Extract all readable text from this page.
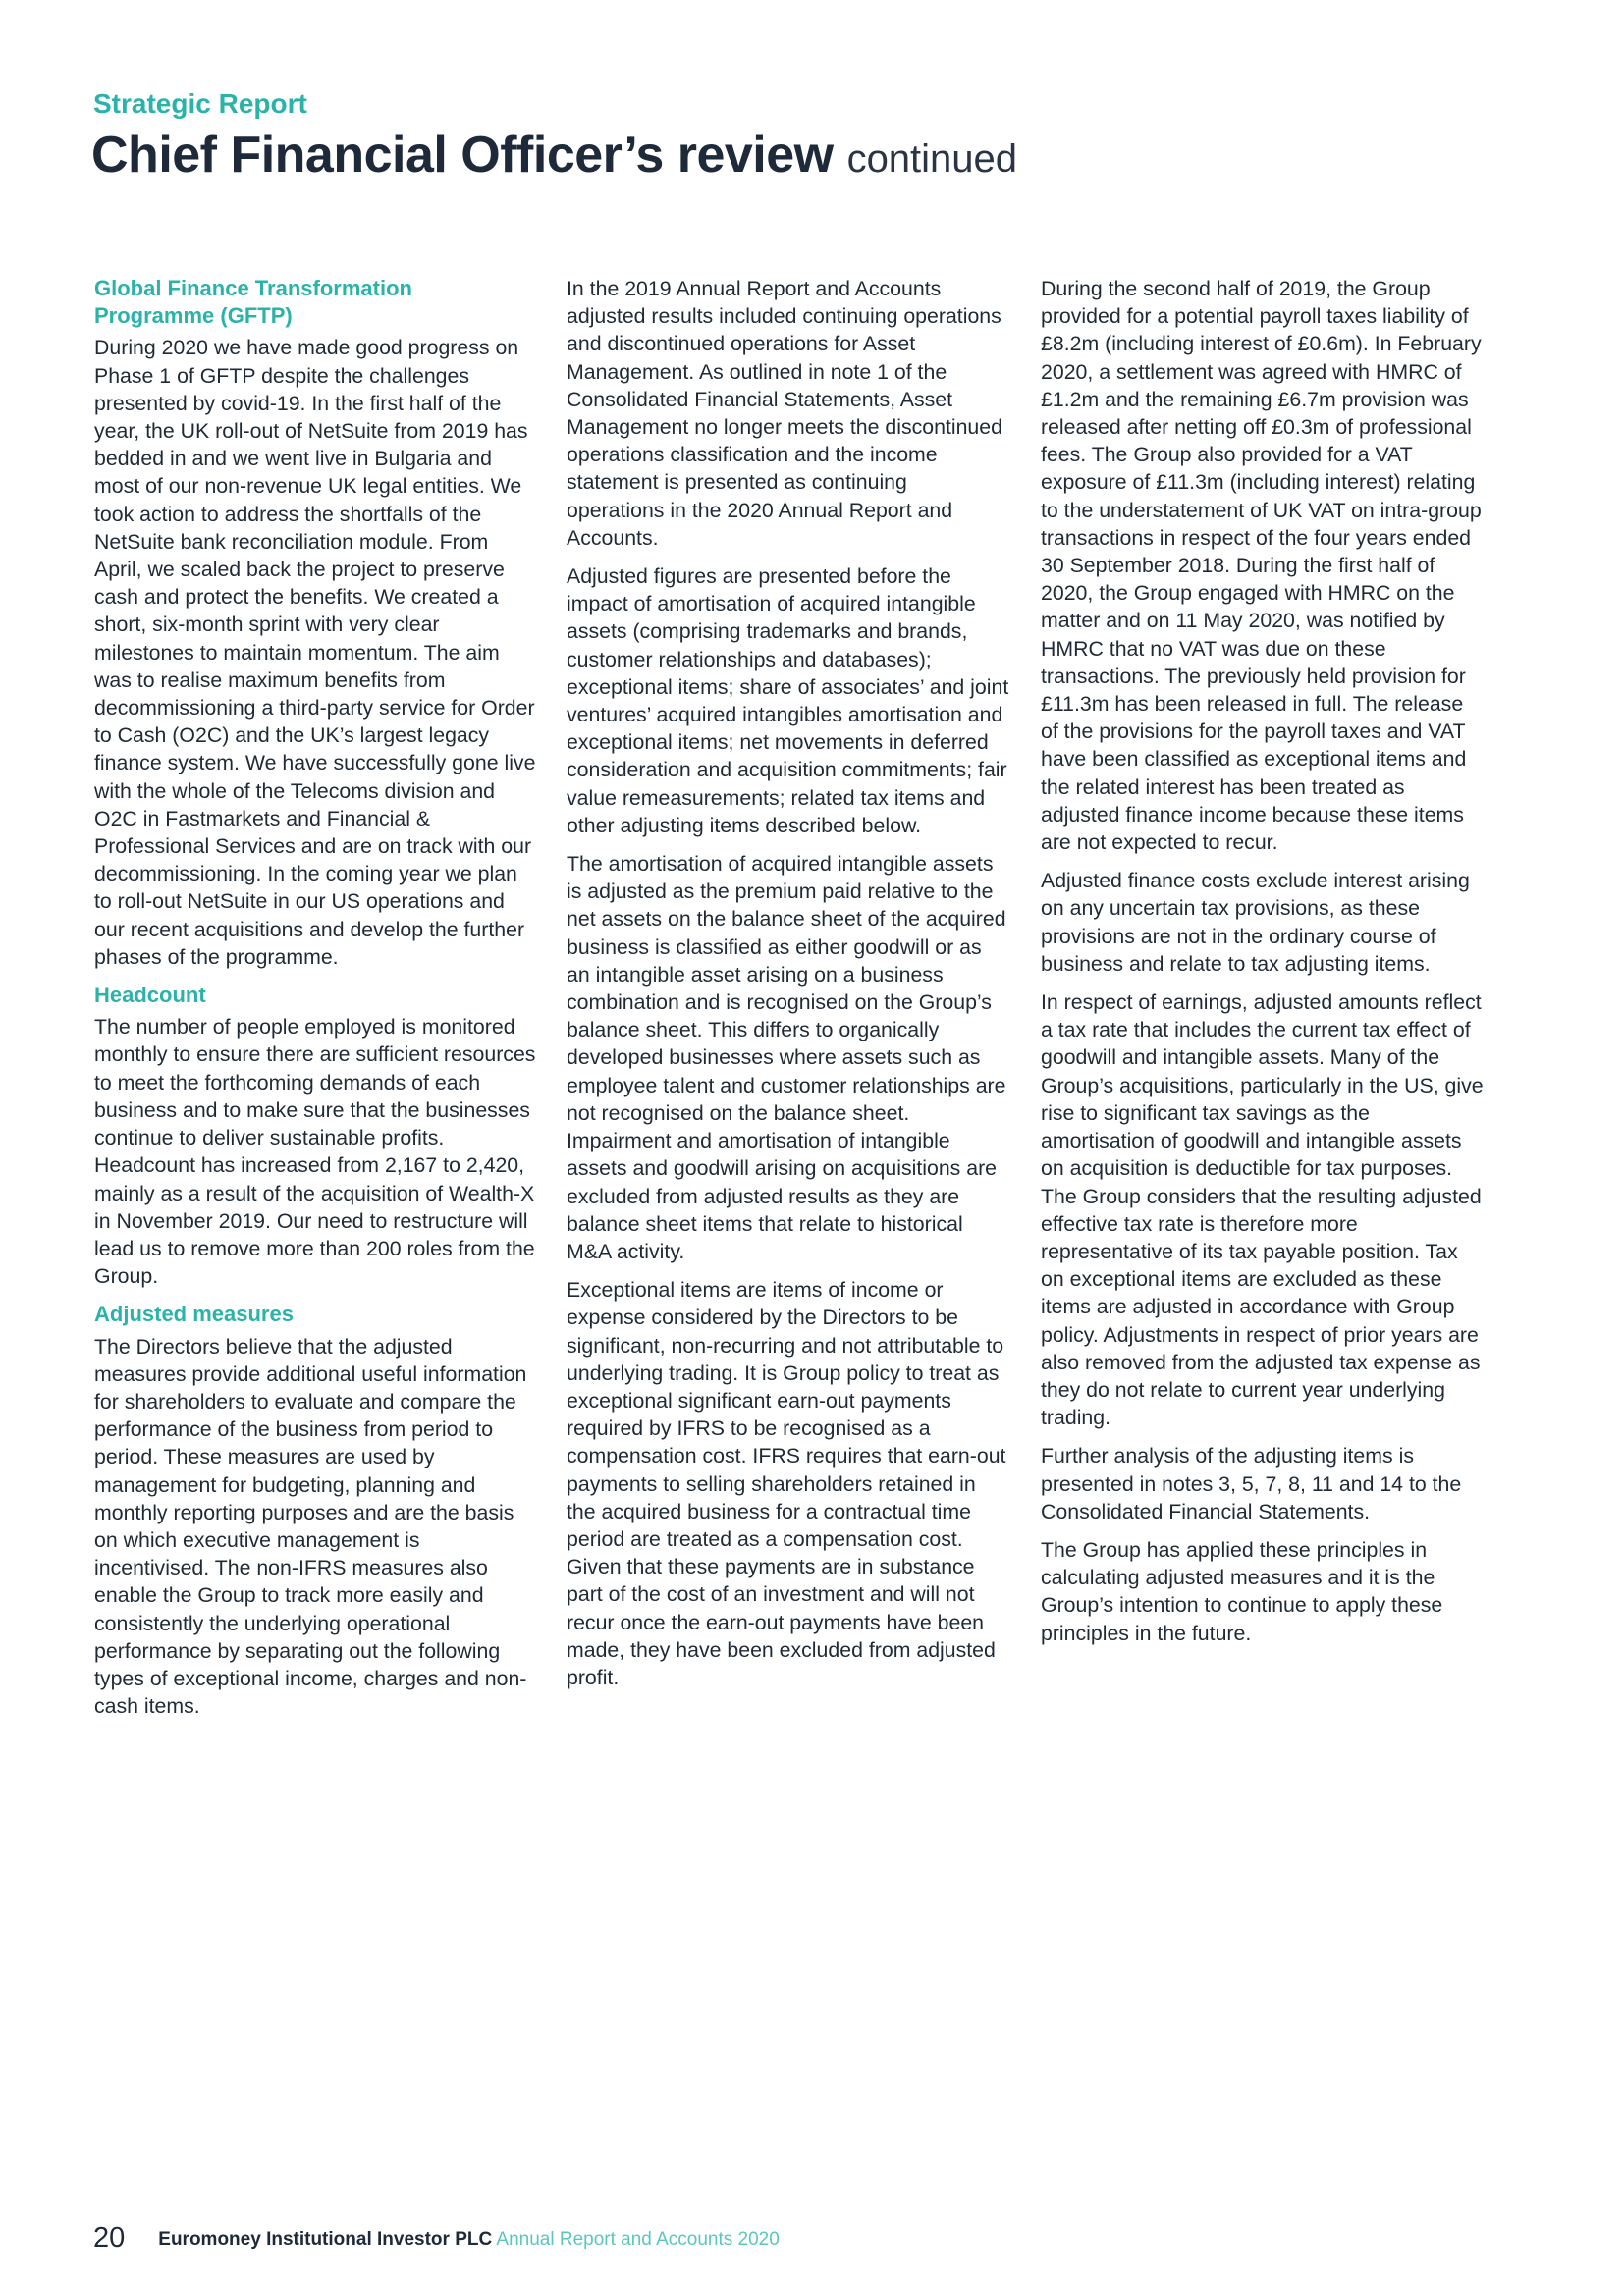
Strategic Report
Chief Financial Officer’s review continued
Global Finance Transformation Programme (GFTP)

During 2020 we have made good progress on Phase 1 of GFTP despite the challenges presented by covid-19. In the first half of the year, the UK roll-out of NetSuite from 2019 has bedded in and we went live in Bulgaria and most of our non-revenue UK legal entities. We took action to address the shortfalls of the NetSuite bank reconciliation module. From April, we scaled back the project to preserve cash and protect the benefits. We created a short, six-month sprint with very clear milestones to maintain momentum. The aim was to realise maximum benefits from decommissioning a third-party service for Order to Cash (O2C) and the UK’s largest legacy finance system. We have successfully gone live with the whole of the Telecoms division and O2C in Fastmarkets and Financial & Professional Services and are on track with our decommissioning. In the coming year we plan to roll-out NetSuite in our US operations and our recent acquisitions and develop the further phases of the programme.

Headcount

The number of people employed is monitored monthly to ensure there are sufficient resources to meet the forthcoming demands of each business and to make sure that the businesses continue to deliver sustainable profits. Headcount has increased from 2,167 to 2,420, mainly as a result of the acquisition of Wealth-X in November 2019. Our need to restructure will lead us to remove more than 200 roles from the Group.

Adjusted measures

The Directors believe that the adjusted measures provide additional useful information for shareholders to evaluate and compare the performance of the business from period to period. These measures are used by management for budgeting, planning and monthly reporting purposes and are the basis on which executive management is incentivised. The non-IFRS measures also enable the Group to track more easily and consistently the underlying operational performance by separating out the following types of exceptional income, charges and non-cash items.

In the 2019 Annual Report and Accounts adjusted results included continuing operations and discontinued operations for Asset Management. As outlined in note 1 of the Consolidated Financial Statements, Asset Management no longer meets the discontinued operations classification and the income statement is presented as continuing operations in the 2020 Annual Report and Accounts.

Adjusted figures are presented before the impact of amortisation of acquired intangible assets (comprising trademarks and brands, customer relationships and databases); exceptional items; share of associates’ and joint ventures’ acquired intangibles amortisation and exceptional items; net movements in deferred consideration and acquisition commitments; fair value remeasurements; related tax items and other adjusting items described below.

The amortisation of acquired intangible assets is adjusted as the premium paid relative to the net assets on the balance sheet of the acquired business is classified as either goodwill or as an intangible asset arising on a business combination and is recognised on the Group’s balance sheet. This differs to organically developed businesses where assets such as employee talent and customer relationships are not recognised on the balance sheet. Impairment and amortisation of intangible assets and goodwill arising on acquisitions are excluded from adjusted results as they are balance sheet items that relate to historical M&A activity.

Exceptional items are items of income or expense considered by the Directors to be significant, non-recurring and not attributable to underlying trading. It is Group policy to treat as exceptional significant earn-out payments required by IFRS to be recognised as a compensation cost. IFRS requires that earn-out payments to selling shareholders retained in the acquired business for a contractual time period are treated as a compensation cost. Given that these payments are in substance part of the cost of an investment and will not recur once the earn-out payments have been made, they have been excluded from adjusted profit.

During the second half of 2019, the Group provided for a potential payroll taxes liability of £8.2m (including interest of £0.6m). In February 2020, a settlement was agreed with HMRC of £1.2m and the remaining £6.7m provision was released after netting off £0.3m of professional fees. The Group also provided for a VAT exposure of £11.3m (including interest) relating to the understatement of UK VAT on intra-group transactions in respect of the four years ended 30 September 2018. During the first half of 2020, the Group engaged with HMRC on the matter and on 11 May 2020, was notified by HMRC that no VAT was due on these transactions. The previously held provision for £11.3m has been released in full. The release of the provisions for the payroll taxes and VAT have been classified as exceptional items and the related interest has been treated as adjusted finance income because these items are not expected to recur.

Adjusted finance costs exclude interest arising on any uncertain tax provisions, as these provisions are not in the ordinary course of business and relate to tax adjusting items.

In respect of earnings, adjusted amounts reflect a tax rate that includes the current tax effect of goodwill and intangible assets. Many of the Group’s acquisitions, particularly in the US, give rise to significant tax savings as the amortisation of goodwill and intangible assets on acquisition is deductible for tax purposes. The Group considers that the resulting adjusted effective tax rate is therefore more representative of its tax payable position. Tax on exceptional items are excluded as these items are adjusted in accordance with Group policy. Adjustments in respect of prior years are also removed from the adjusted tax expense as they do not relate to current year underlying trading.

Further analysis of the adjusting items is presented in notes 3, 5, 7, 8, 11 and 14 to the Consolidated Financial Statements.

The Group has applied these principles in calculating adjusted measures and it is the Group’s intention to continue to apply these principles in the future.

20 Euromoney Institutional Investor PLC Annual Report and Accounts 2020
